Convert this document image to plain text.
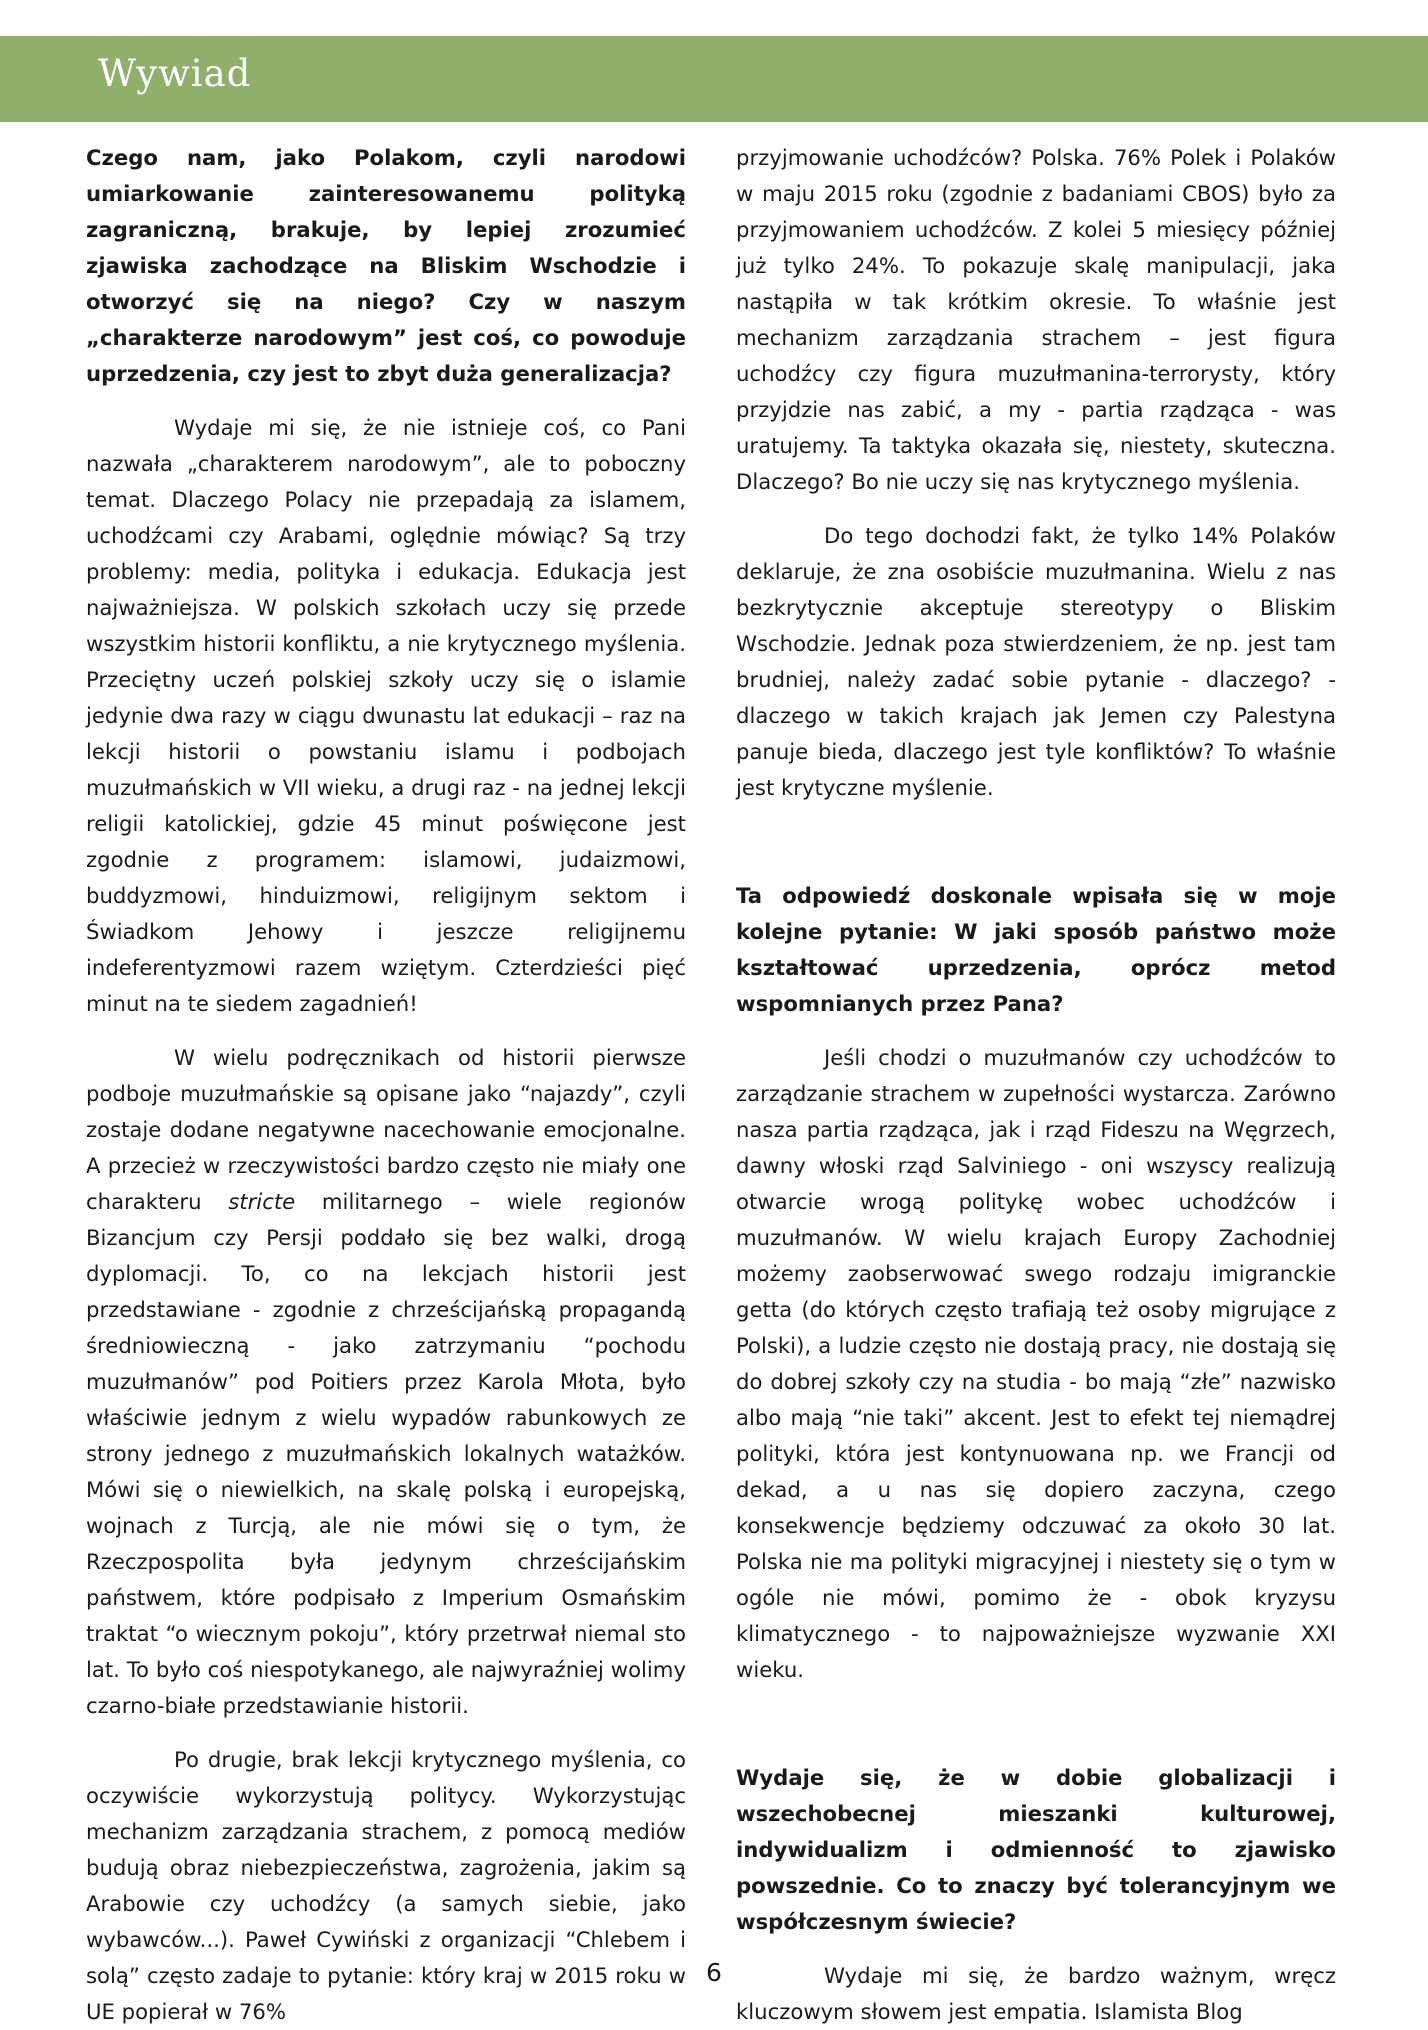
Wywiad

Czego nam, jako Polakom, czyli narodowi umiarkowanie zainteresowanemu polityką zagraniczną, brakuje, by lepiej zrozumieć zjawiska zachodzące na Bliskim Wschodzie i otworzyć się na niego? Czy w naszym „charakterze narodowym” jest coś, co powoduje uprzedzenia, czy jest to zbyt duża generalizacja?

Wydaje mi się, że nie istnieje coś, co Pani nazwała „charakterem narodowym”, ale to poboczny temat. Dlaczego Polacy nie przepadają za islamem, uchodźcami czy Arabami, oględnie mówiąc? Są trzy problemy: media, polityka i edukacja. Edukacja jest najważniejsza. W polskich szkołach uczy się przede wszystkim historii konfliktu, a nie krytycznego myślenia. Przeciętny uczeń polskiej szkoły uczy się o islamie jedynie dwa razy w ciągu dwunastu lat edukacji – raz na lekcji historii o powstaniu islamu i podbojach muzułmańskich w VII wieku, a drugi raz - na jednej lekcji religii katolickiej, gdzie 45 minut poświęcone jest zgodnie z programem: islamowi, judaizmowi, buddyzmowi, hinduizmowi, religijnym sektom i Świadkom Jehowy i jeszcze religijnemu indeferentyzmowi razem wziętym. Czterdzieści pięć minut na te siedem zagadnień!

W wielu podręcznikach od historii pierwsze podboje muzułmańskie są opisane jako “najazdy”, czyli zostaje dodane negatywne nacechowanie emocjonalne. A przecież w rzeczywistości bardzo często nie miały one charakteru stricte militarnego – wiele regionów Bizancjum czy Persji poddało się bez walki, drogą dyplomacji. To, co na lekcjach historii jest przedstawiane - zgodnie z chrześcijańską propagandą średniowieczną - jako zatrzymaniu “pochodu muzułmanów” pod Poitiers przez Karola Młota, było właściwie jednym z wielu wypadów rabunkowych ze strony jednego z muzułmańskich lokalnych watażków. Mówi się o niewielkich, na skalę polską i europejską, wojnach z Turcją, ale nie mówi się o tym, że Rzeczpospolita była jedynym chrześcijańskim państwem, które podpisało z Imperium Osmańskim traktat “o wiecznym pokoju”, który przetrwał niemal sto lat. To było coś niespotykanego, ale najwyraźniej wolimy czarno-białe przedstawianie historii.

Po drugie, brak lekcji krytycznego myślenia, co oczywiście wykorzystują politycy. Wykorzystując mechanizm zarządzania strachem, z pomocą mediów budują obraz niebezpieczeństwa, zagrożenia, jakim są Arabowie czy uchodźcy (a samych siebie, jako wybawców...). Paweł Cywiński z organizacji “Chlebem i solą” często zadaje to pytanie: który kraj w 2015 roku w UE popierał w 76%

przyjmowanie uchodźców? Polska. 76% Polek i Polaków w maju 2015 roku (zgodnie z badaniami CBOS) było za przyjmowaniem uchodźców. Z kolei 5 miesięcy później już tylko 24%. To pokazuje skalę manipulacji, jaka nastąpiła w tak krótkim okresie. To właśnie jest mechanizm zarządzania strachem – jest figura uchodźcy czy figura muzułmanina-terrorysty, który przyjdzie nas zabić, a my - partia rządząca - was uratujemy. Ta taktyka okazała się, niestety, skuteczna. Dlaczego? Bo nie uczy się nas krytycznego myślenia.

Do tego dochodzi fakt, że tylko 14% Polaków deklaruje, że zna osobiście muzułmanina. Wielu z nas bezkrytycznie akceptuje stereotypy o Bliskim Wschodzie. Jednak poza stwierdzeniem, że np. jest tam brudniej, należy zadać sobie pytanie - dlaczego? - dlaczego w takich krajach jak Jemen czy Palestyna panuje bieda, dlaczego jest tyle konfliktów? To właśnie jest krytyczne myślenie.

Ta odpowiedź doskonale wpisała się w moje kolejne pytanie: W jaki sposób państwo może kształtować uprzedzenia, oprócz metod wspomnianych przez Pana?

Jeśli chodzi o muzułmanów czy uchodźców to zarządzanie strachem w zupełności wystarcza. Zarówno nasza partia rządząca, jak i rząd Fideszu na Węgrzech, dawny włoski rząd Salviniego - oni wszyscy realizują otwarcie wrogą politykę wobec uchodźców i muzułmanów. W wielu krajach Europy Zachodniej możemy zaobserwować swego rodzaju imigranckie getta (do których często trafiają też osoby migrujące z Polski), a ludzie często nie dostają pracy, nie dostają się do dobrej szkoły czy na studia - bo mają “złe” nazwisko albo mają “nie taki” akcent. Jest to efekt tej niemądrej polityki, która jest kontynuowana np. we Francji od dekad, a u nas się dopiero zaczyna, czego konsekwencje będziemy odczuwać za około 30 lat. Polska nie ma polityki migracyjnej i niestety się o tym w ogóle nie mówi, pomimo że - obok kryzysu klimatycznego - to najpoważniejsze wyzwanie XXI wieku.

Wydaje się, że w dobie globalizacji i wszechobecnej mieszanki kulturowej, indywidualizm i odmienność to zjawisko powszednie. Co to znaczy być tolerancyjnym we współczesnym świecie?

Wydaje mi się, że bardzo ważnym, wręcz kluczowym słowem jest empatia. Islamista Blog

6
